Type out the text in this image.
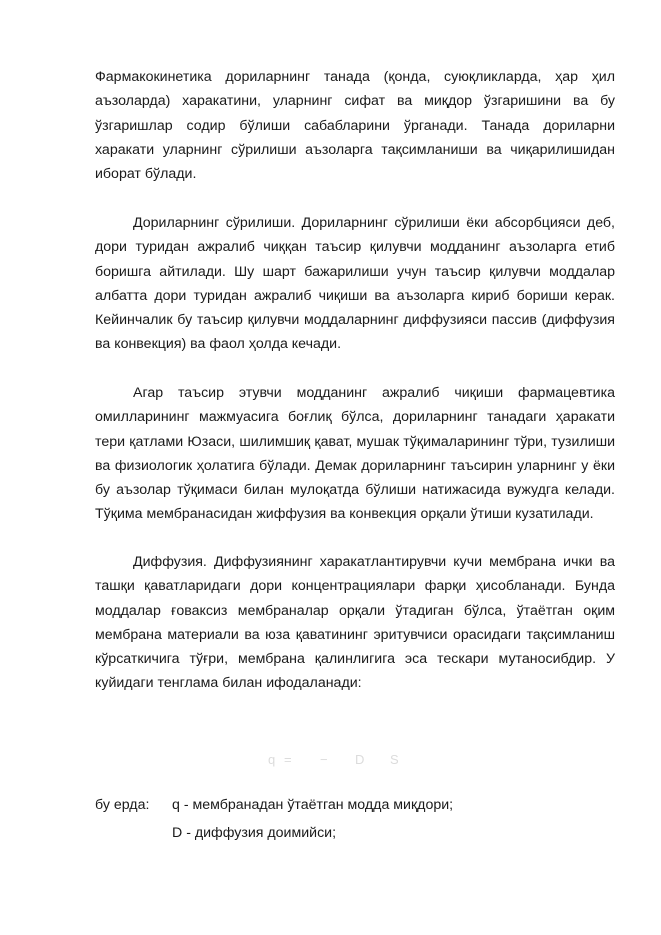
Фармакокинетика дориларнинг танада (қонда, суюқликларда, ҳар ҳил аъзоларда) харакатини, уларнинг сифат ва миқдор ўзгаришини ва бу ўзгаришлар содир бўлиши сабабларини ўрганади. Танада дориларни харакати уларнинг сўрилиши аъзоларга тақсимланиши ва чиқарилишидан иборат бўлади.

Дориларнинг сўрилиши. Дориларнинг сўрилиши ёки абсорбцияси деб, дори туридан ажралиб чиққан таъсир қилувчи модданинг аъзоларга етиб боришга айтилади. Шу шарт бажарилиши учун таъсир қилувчи моддалар албатта дори туридан ажралиб чиқиши ва аъзоларга кириб бориши керак. Кейинчалик бу таъсир қилувчи моддаларнинг диффузияси пассив (диффузия ва конвекция) ва фаол ҳолда кечади.

Агар таъсир этувчи модданинг ажралиб чиқиши фармацевтика омилларининг мажмуасига боғлиқ бўлса, дориларнинг танадаги ҳаракати тери қатлами Юзаси, шилимшиқ қават, мушак тўқималарининг тўри, тузилиши ва физиологик ҳолатига бўлади. Демак дориларнинг таъсирин уларнинг у ёки бу аъзолар тўқимаси билан мулоқатда бўлиши натижасида вужудга келади. Тўқима мембранасидан жиффузия ва конвекция орқали ўтиши кузатилади.

Диффузия. Диффузиянинг харакатлантирувчи кучи мембрана ички ва ташқи қаватларидаги дори концентрациялари фарқи ҳисобланади. Бунда моддалар ғоваксиз мембраналар орқали ўтадиган бўлса, ўтаётган оқим мембрана материали ва юза қаватининг эритувчиси орасидаги тақсимланиш кўрсаткичига тўғри, мембрана қалинлигига эса тескари мутаносибдир. У куйидаги тенглама билан ифодаланади:

q = − D S
бу ерда: q - мембранадан ўтаётган модда миқдори;
D - диффузия доимийси;
